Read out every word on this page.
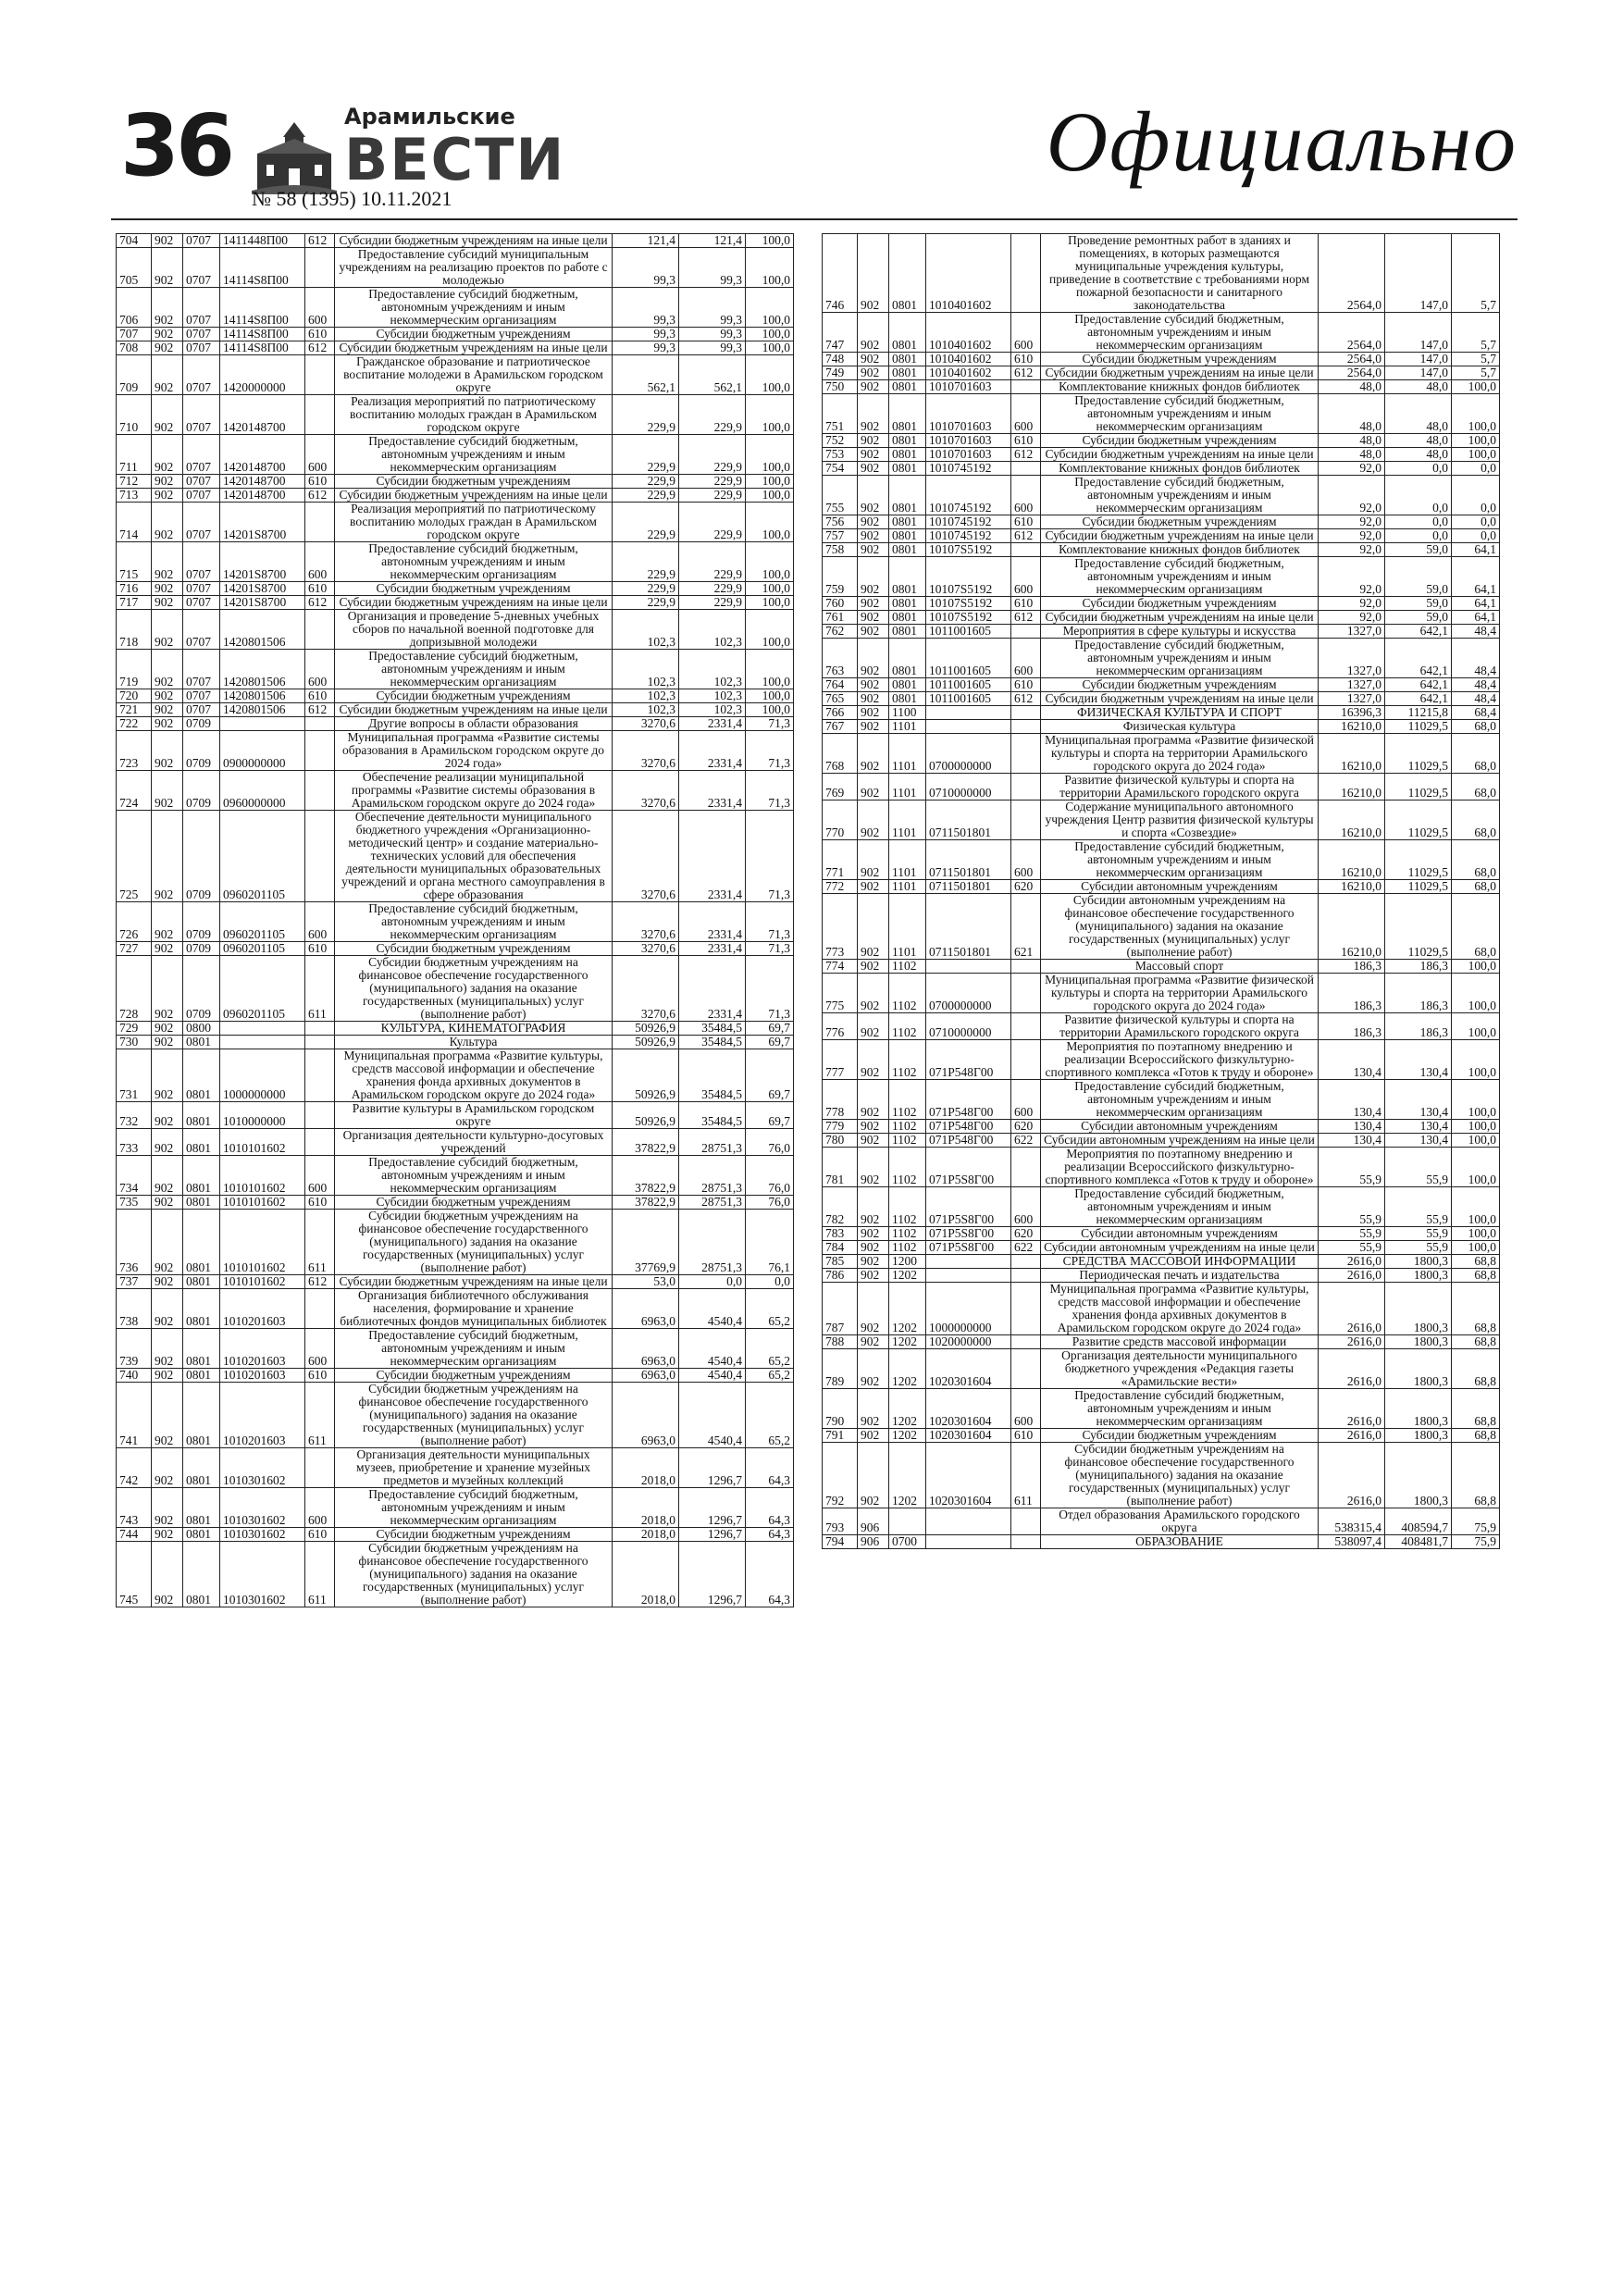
36	Арамильские
ВЕСТИ
№ 58 (1395) 10.11.2021
Официально
704	902	0707	1411448П00	612	Субсидии бюджетным учреждениям на иные цели	121,4	121,4	100,0
705	902	0707	14114S8П00		Предоставление субсидий муниципальным учреждениям на реализацию проектов по работе с молодежью	99,3	99,3	100,0
706	902	0707	14114S8П00	600	Предоставление субсидий бюджетным, автономным учреждениям и иным некоммерческим организациям	99,3	99,3	100,0
707	902	0707	14114S8П00	610	Субсидии бюджетным учреждениям	99,3	99,3	100,0
708	902	0707	14114S8П00	612	Субсидии бюджетным учреждениям на иные цели	99,3	99,3	100,0
709	902	0707	1420000000		Гражданское образование и патриотическое воспитание молодежи в Арамильском городском округе	562,1	562,1	100,0
710	902	0707	1420148700		Реализация мероприятий по патриотическому воспитанию молодых граждан в Арамильском городском округе	229,9	229,9	100,0
711	902	0707	1420148700	600	Предоставление субсидий бюджетным, автономным учреждениям и иным некоммерческим организациям	229,9	229,9	100,0
712	902	0707	1420148700	610	Субсидии бюджетным учреждениям	229,9	229,9	100,0
713	902	0707	1420148700	612	Субсидии бюджетным учреждениям на иные цели	229,9	229,9	100,0
714	902	0707	14201S8700		Реализация мероприятий по патриотическому воспитанию молодых граждан в Арамильском городском округе	229,9	229,9	100,0
715	902	0707	14201S8700	600	Предоставление субсидий бюджетным, автономным учреждениям и иным некоммерческим организациям	229,9	229,9	100,0
716	902	0707	14201S8700	610	Субсидии бюджетным учреждениям	229,9	229,9	100,0
717	902	0707	14201S8700	612	Субсидии бюджетным учреждениям на иные цели	229,9	229,9	100,0
718	902	0707	1420801506		Организация и проведение 5-дневных учебных сборов по начальной военной подготовке для допризывной молодежи	102,3	102,3	100,0
719	902	0707	1420801506	600	Предоставление субсидий бюджетным, автономным учреждениям и иным некоммерческим организациям	102,3	102,3	100,0
720	902	0707	1420801506	610	Субсидии бюджетным учреждениям	102,3	102,3	100,0
721	902	0707	1420801506	612	Субсидии бюджетным учреждениям на иные цели	102,3	102,3	100,0
722	902	0709			Другие вопросы в области образования	3270,6	2331,4	71,3
723	902	0709	0900000000		Муниципальная программа «Развитие системы образования в Арамильском городском округе до 2024 года»	3270,6	2331,4	71,3
724	902	0709	0960000000		Обеспечение реализации муниципальной программы «Развитие системы образования в Арамильском городском округе до 2024 года»	3270,6	2331,4	71,3
725	902	0709	0960201105		Обеспечение деятельности муниципального бюджетного учреждения «Организационно-методический центр» и создание материально-технических условий для обеспечения деятельности муниципальных образовательных учреждений и органа местного самоуправления в сфере образования	3270,6	2331,4	71,3
726	902	0709	0960201105	600	Предоставление субсидий бюджетным, автономным учреждениям и иным некоммерческим организациям	3270,6	2331,4	71,3
727	902	0709	0960201105	610	Субсидии бюджетным учреждениям	3270,6	2331,4	71,3
728	902	0709	0960201105	611	Субсидии бюджетным учреждениям на финансовое обеспечение государственного (муниципального) задания на оказание государственных (муниципальных) услуг (выполнение работ)	3270,6	2331,4	71,3
729	902	0800			КУЛЬТУРА, КИНЕМАТОГРАФИЯ	50926,9	35484,5	69,7
730	902	0801			Культура	50926,9	35484,5	69,7
731	902	0801	1000000000		Муниципальная программа «Развитие культуры, средств массовой информации и обеспечение хранения фонда архивных документов в Арамильском городском округе до 2024 года»	50926,9	35484,5	69,7
732	902	0801	1010000000		Развитие культуры в Арамильском городском округе	50926,9	35484,5	69,7
733	902	0801	1010101602		Организация деятельности культурно-досуговых учреждений	37822,9	28751,3	76,0
734	902	0801	1010101602	600	Предоставление субсидий бюджетным, автономным учреждениям и иным некоммерческим организациям	37822,9	28751,3	76,0
735	902	0801	1010101602	610	Субсидии бюджетным учреждениям	37822,9	28751,3	76,0
736	902	0801	1010101602	611	Субсидии бюджетным учреждениям на финансовое обеспечение государственного (муниципального) задания на оказание государственных (муниципальных) услуг (выполнение работ)	37769,9	28751,3	76,1
737	902	0801	1010101602	612	Субсидии бюджетным учреждениям на иные цели	53,0	0,0	0,0
738	902	0801	1010201603		Организация библиотечного обслуживания населения, формирование и хранение библиотечных фондов муниципальных библиотек	6963,0	4540,4	65,2
739	902	0801	1010201603	600	Предоставление субсидий бюджетным, автономным учреждениям и иным некоммерческим организациям	6963,0	4540,4	65,2
740	902	0801	1010201603	610	Субсидии бюджетным учреждениям	6963,0	4540,4	65,2
741	902	0801	1010201603	611	Субсидии бюджетным учреждениям на финансовое обеспечение государственного (муниципального) задания на оказание государственных (муниципальных) услуг (выполнение работ)	6963,0	4540,4	65,2
742	902	0801	1010301602		Организация деятельности муниципальных музеев, приобретение и хранение музейных предметов и музейных коллекций	2018,0	1296,7	64,3
743	902	0801	1010301602	600	Предоставление субсидий бюджетным, автономным учреждениям и иным некоммерческим организациям	2018,0	1296,7	64,3
744	902	0801	1010301602	610	Субсидии бюджетным учреждениям	2018,0	1296,7	64,3
745	902	0801	1010301602	611	Субсидии бюджетным учреждениям на финансовое обеспечение государственного (муниципального) задания на оказание государственных (муниципальных) услуг (выполнение работ)	2018,0	1296,7	64,3
746	902	0801	1010401602		Проведение ремонтных работ в зданиях и помещениях, в которых размещаются муниципальные учреждения культуры, приведение в соответствие с требованиями норм пожарной безопасности и санитарного законодательства	2564,0	147,0	5,7
747	902	0801	1010401602	600	Предоставление субсидий бюджетным, автономным учреждениям и иным некоммерческим организациям	2564,0	147,0	5,7
748	902	0801	1010401602	610	Субсидии бюджетным учреждениям	2564,0	147,0	5,7
749	902	0801	1010401602	612	Субсидии бюджетным учреждениям на иные цели	2564,0	147,0	5,7
750	902	0801	1010701603		Комплектование книжных фондов библиотек	48,0	48,0	100,0
751	902	0801	1010701603	600	Предоставление субсидий бюджетным, автономным учреждениям и иным некоммерческим организациям	48,0	48,0	100,0
752	902	0801	1010701603	610	Субсидии бюджетным учреждениям	48,0	48,0	100,0
753	902	0801	1010701603	612	Субсидии бюджетным учреждениям на иные цели	48,0	48,0	100,0
754	902	0801	1010745192		Комплектование книжных фондов библиотек	92,0	0,0	0,0
755	902	0801	1010745192	600	Предоставление субсидий бюджетным, автономным учреждениям и иным некоммерческим организациям	92,0	0,0	0,0
756	902	0801	1010745192	610	Субсидии бюджетным учреждениям	92,0	0,0	0,0
757	902	0801	1010745192	612	Субсидии бюджетным учреждениям на иные цели	92,0	0,0	0,0
758	902	0801	10107S5192		Комплектование книжных фондов библиотек	92,0	59,0	64,1
759	902	0801	10107S5192	600	Предоставление субсидий бюджетным, автономным учреждениям и иным некоммерческим организациям	92,0	59,0	64,1
760	902	0801	10107S5192	610	Субсидии бюджетным учреждениям	92,0	59,0	64,1
761	902	0801	10107S5192	612	Субсидии бюджетным учреждениям на иные цели	92,0	59,0	64,1
762	902	0801	1011001605		Мероприятия в сфере культуры и искусства	1327,0	642,1	48,4
763	902	0801	1011001605	600	Предоставление субсидий бюджетным, автономным учреждениям и иным некоммерческим организациям	1327,0	642,1	48,4
764	902	0801	1011001605	610	Субсидии бюджетным учреждениям	1327,0	642,1	48,4
765	902	0801	1011001605	612	Субсидии бюджетным учреждениям на иные цели	1327,0	642,1	48,4
766	902	1100			ФИЗИЧЕСКАЯ КУЛЬТУРА И СПОРТ	16396,3	11215,8	68,4
767	902	1101			Физическая культура	16210,0	11029,5	68,0
768	902	1101	0700000000		Муниципальная программа «Развитие физической культуры и спорта на территории Арамильского городского округа до 2024 года»	16210,0	11029,5	68,0
769	902	1101	0710000000		Развитие физической культуры и спорта на территории Арамильского городского округа	16210,0	11029,5	68,0
770	902	1101	0711501801		Содержание муниципального автономного учреждения Центр развития физической культуры и спорта «Созвездие»	16210,0	11029,5	68,0
771	902	1101	0711501801	600	Предоставление субсидий бюджетным, автономным учреждениям и иным некоммерческим организациям	16210,0	11029,5	68,0
772	902	1101	0711501801	620	Субсидии автономным учреждениям	16210,0	11029,5	68,0
773	902	1101	0711501801	621	Субсидии автономным учреждениям на финансовое обеспечение государственного (муниципального) задания на оказание государственных (муниципальных) услуг (выполнение работ)	16210,0	11029,5	68,0
774	902	1102			Массовый спорт	186,3	186,3	100,0
775	902	1102	0700000000		Муниципальная программа «Развитие физической культуры и спорта на территории Арамильского городского округа до 2024 года»	186,3	186,3	100,0
776	902	1102	0710000000		Развитие физической культуры и спорта на территории Арамильского городского округа	186,3	186,3	100,0
777	902	1102	071P548Г00		Мероприятия по поэтапному внедрению и реализации Всероссийского физкультурно-спортивного комплекса «Готов к труду и обороне»	130,4	130,4	100,0
778	902	1102	071P548Г00	600	Предоставление субсидий бюджетным, автономным учреждениям и иным некоммерческим организациям	130,4	130,4	100,0
779	902	1102	071P548Г00	620	Субсидии автономным учреждениям	130,4	130,4	100,0
780	902	1102	071P548Г00	622	Субсидии автономным учреждениям на иные цели	130,4	130,4	100,0
781	902	1102	071P5S8Г00		Мероприятия по поэтапному внедрению и реализации Всероссийского физкультурно-спортивного комплекса «Готов к труду и обороне»	55,9	55,9	100,0
782	902	1102	071P5S8Г00	600	Предоставление субсидий бюджетным, автономным учреждениям и иным некоммерческим организациям	55,9	55,9	100,0
783	902	1102	071P5S8Г00	620	Субсидии автономным учреждениям	55,9	55,9	100,0
784	902	1102	071P5S8Г00	622	Субсидии автономным учреждениям на иные цели	55,9	55,9	100,0
785	902	1200			СРЕДСТВА МАССОВОЙ ИНФОРМАЦИИ	2616,0	1800,3	68,8
786	902	1202			Периодическая печать и издательства	2616,0	1800,3	68,8
787	902	1202	1000000000		Муниципальная программа «Развитие культуры, средств массовой информации и обеспечение хранения фонда архивных документов в Арамильском городском округе до 2024 года»	2616,0	1800,3	68,8
788	902	1202	1020000000		Развитие средств массовой информации	2616,0	1800,3	68,8
789	902	1202	1020301604		Организация деятельности муниципального бюджетного учреждения «Редакция газеты «Арамильские вести»	2616,0	1800,3	68,8
790	902	1202	1020301604	600	Предоставление субсидий бюджетным, автономным учреждениям и иным некоммерческим организациям	2616,0	1800,3	68,8
791	902	1202	1020301604	610	Субсидии бюджетным учреждениям	2616,0	1800,3	68,8
792	902	1202	1020301604	611	Субсидии бюджетным учреждениям на финансовое обеспечение государственного (муниципального) задания на оказание государственных (муниципальных) услуг (выполнение работ)	2616,0	1800,3	68,8
793	906				Отдел образования Арамильского городского округа	538315,4	408594,7	75,9
794	906	0700			ОБРАЗОВАНИЕ	538097,4	408481,7	75,9
